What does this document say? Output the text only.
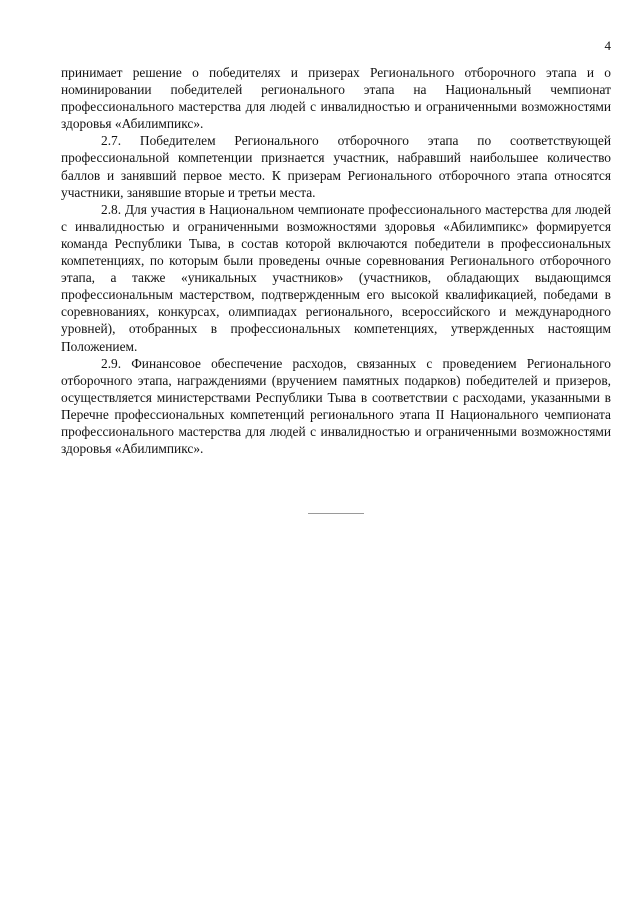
4

принимает решение о победителях и призерах Регионального отборочного этапа и о номинировании победителей регионального этапа на Национальный чемпионат профессионального мастерства для людей с инвалидностью и ограниченными возможностями здоровья «Абилимпикс».

2.7. Победителем Регионального отборочного этапа по соответствующей профессиональной компетенции признается участник, набравший наибольшее количество баллов и занявший первое место. К призерам Регионального отборочного этапа относятся участники, занявшие вторые и третьи места.

2.8. Для участия в Национальном чемпионате профессионального мастерства для людей с инвалидностью и ограниченными возможностями здоровья «Абилимпикс» формируется команда Республики Тыва, в состав которой включаются победители в профессиональных компетенциях, по которым были проведены очные соревнования Регионального отборочного этапа, а также «уникальных участников» (участников, обладающих выдающимся профессиональным мастерством, подтвержденным его высокой квалификацией, победами в соревнованиях, конкурсах, олимпиадах регионального, всероссийского и международного уровней), отобранных в профессиональных компетенциях, утвержденных настоящим Положением.

2.9. Финансовое обеспечение расходов, связанных с проведением Регионального отборочного этапа, награждениями (вручением памятных подарков) победителей и призеров, осуществляется министерствами Республики Тыва в соответствии с расходами, указанными в Перечне профессиональных компетенций регионального этапа II Национального чемпионата профессионального мастерства для людей с инвалидностью и ограниченными возможностями здоровья «Абилимпикс».
